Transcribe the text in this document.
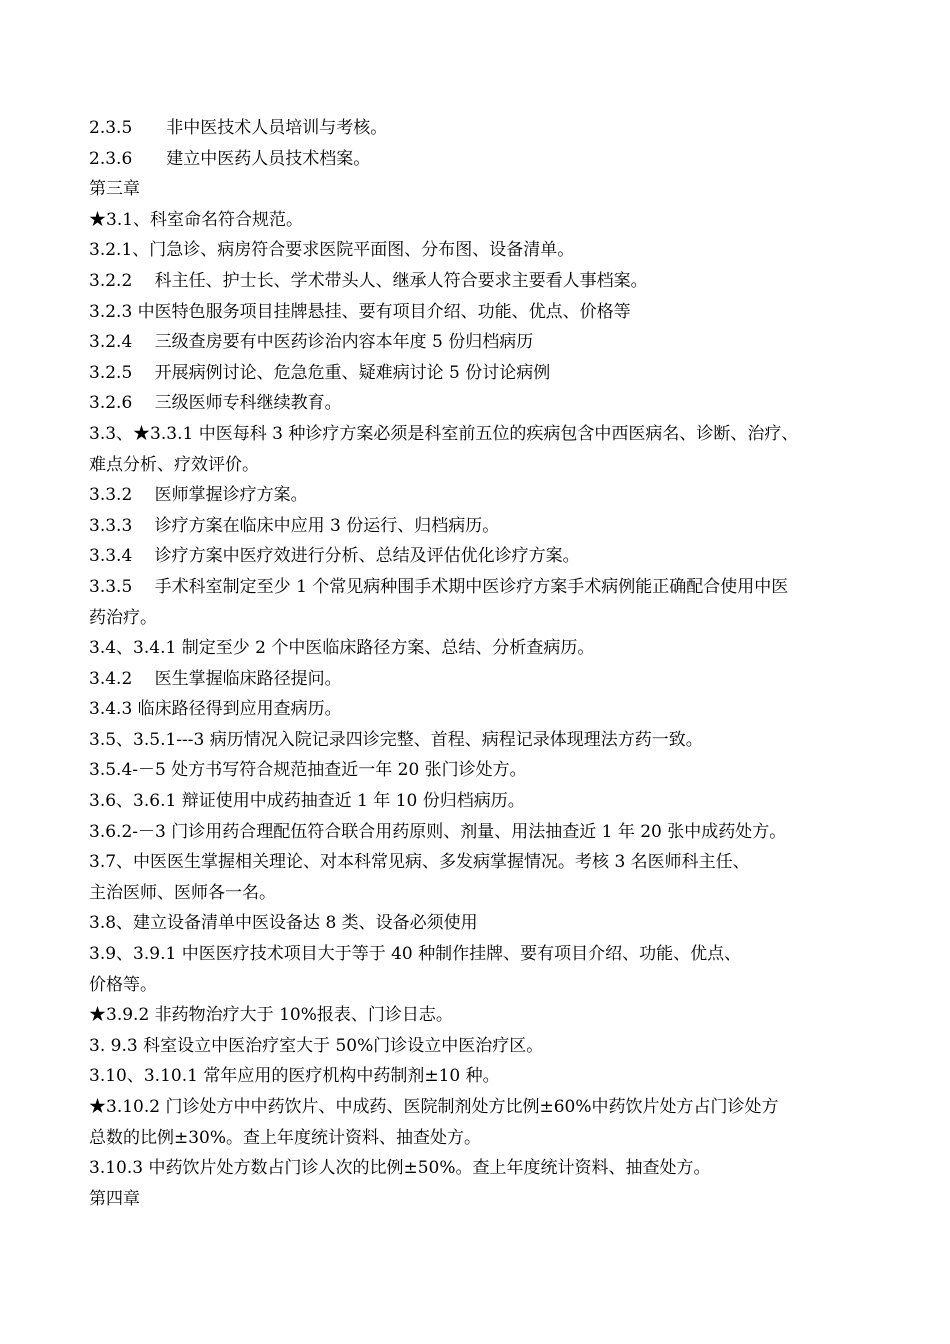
2.3.5　　非中医技术人员培训与考核。
2.3.6　　建立中医药人员技术档案。
第三章
★3.1、科室命名符合规范。
3.2.1、门急诊、病房符合要求医院平面图、分布图、设备清单。
3.2.2　 科主任、护士长、学术带头人、继承人符合要求主要看人事档案。
3.2.3 中医特色服务项目挂牌悬挂、要有项目介绍、功能、优点、价格等
3.2.4　 三级查房要有中医药诊治内容本年度 5 份归档病历
3.2.5　 开展病例讨论、危急危重、疑难病讨论 5 份讨论病例
3.2.6　 三级医师专科继续教育。
3.3、★3.3.1 中医每科 3 种诊疗方案必须是科室前五位的疾病包含中西医病名、诊断、治疗、
难点分析、疗效评价。
3.3.2　 医师掌握诊疗方案。
3.3.3　 诊疗方案在临床中应用 3 份运行、归档病历。
3.3.4　 诊疗方案中医疗效进行分析、总结及评估优化诊疗方案。
3.3.5　 手术科室制定至少 1 个常见病种围手术期中医诊疗方案手术病例能正确配合使用中医
药治疗。
3.4、3.4.1 制定至少 2 个中医临床路径方案、总结、分析查病历。
3.4.2　 医生掌握临床路径提问。
3.4.3 临床路径得到应用查病历。
3.5、3.5.1---3 病历情况入院记录四诊完整、首程、病程记录体现理法方药一致。
3.5.4-－5 处方书写符合规范抽查近一年 20 张门诊处方。
3.6、3.6.1 辩证使用中成药抽查近 1 年 10 份归档病历。
3.6.2-－3 门诊用药合理配伍符合联合用药原则、剂量、用法抽查近 1 年 20 张中成药处方。
3.7、中医医生掌握相关理论、对本科常见病、多发病掌握情况。考核 3 名医师科主任、
主治医师、医师各一名。
3.8、建立设备清单中医设备达 8 类、设备必须使用
3.9、3.9.1 中医医疗技术项目大于等于 40 种制作挂牌、要有项目介绍、功能、优点、
价格等。
★3.9.2 非药物治疗大于 10%报表、门诊日志。
3. 9.3 科室设立中医治疗室大于 50%门诊设立中医治疗区。
3.10、3.10.1 常年应用的医疗机构中药制剂±10 种。
★3.10.2 门诊处方中中药饮片、中成药、医院制剂处方比例±60%中药饮片处方占门诊处方
总数的比例±30%。查上年度统计资料、抽查处方。
3.10.3 中药饮片处方数占门诊人次的比例±50%。查上年度统计资料、抽查处方。
第四章
